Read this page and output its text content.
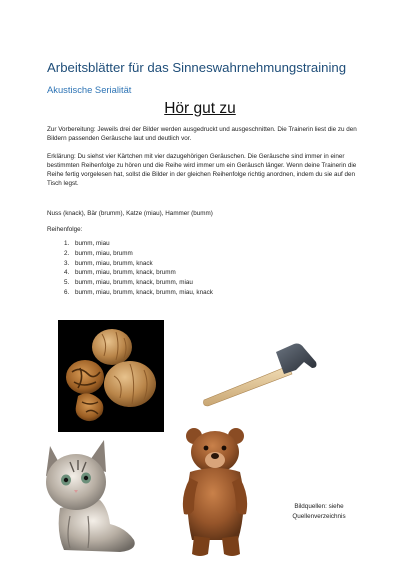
Arbeitsblätter für das Sinneswahrnehmungstraining
Akustische Serialität
Hör gut zu
Zur Vorbereitung: Jeweils drei der Bilder werden ausgedruckt und ausgeschnitten. Die Trainerin liest die zu den Bildern passenden Geräusche laut und deutlich vor.
Erklärung: Du siehst vier Kärtchen mit vier dazugehörigen Geräuschen. Die Geräusche sind immer in einer bestimmten Reihenfolge zu hören und die Reihe wird immer um ein Geräusch länger. Wenn deine Trainerin die Reihe fertig vorgelesen hat, sollst die Bilder in der gleichen Reihenfolge richtig anordnen, indem du sie auf den Tisch legst.
Nuss (knack), Bär (brumm), Katze (miau), Hammer (bumm)
Reihenfolge:
1. bumm, miau
2. bumm, miau, brumm
3. bumm, miau, brumm, knack
4. bumm, miau, brumm, knack, brumm
5. bumm, miau, brumm, knack, brumm, miau
6. bumm, miau, brumm, knack, brumm, miau, knack
Bildquellen: siehe Quellenverzeichnis
